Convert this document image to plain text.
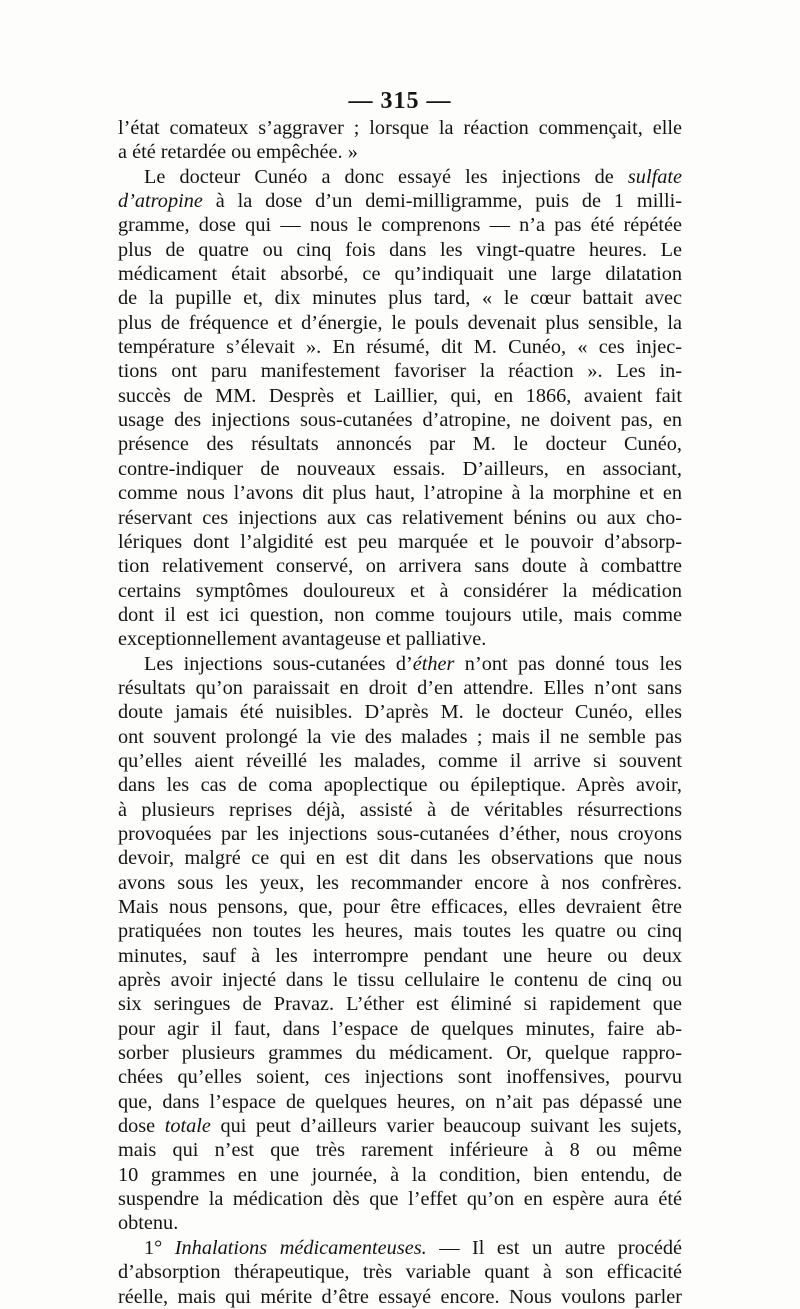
— 315 —
l’état comateux s’aggraver ; lorsque la réaction commençait, elle
a été retardée ou empêchée. »
Le docteur Cunéo a donc essayé les injections de sulfate
d’atropine à la dose d’un demi-milligramme, puis de 1 milli-
gramme, dose qui — nous le comprenons — n’a pas été répétée
plus de quatre ou cinq fois dans les vingt-quatre heures. Le
médicament était absorbé, ce qu’indiquait une large dilatation
de la pupille et, dix minutes plus tard, « le cœur battait avec
plus de fréquence et d’énergie, le pouls devenait plus sensible, la
température s’élevait ». En résumé, dit M. Cunéo, « ces injec-
tions ont paru manifestement favoriser la réaction ». Les in-
succès de MM. Desprès et Laillier, qui, en 1866, avaient fait
usage des injections sous-cutanées d’atropine, ne doivent pas, en
présence des résultats annoncés par M. le docteur Cunéo,
contre-indiquer de nouveaux essais. D’ailleurs, en associant,
comme nous l’avons dit plus haut, l’atropine à la morphine et en
réservant ces injections aux cas relativement bénins ou aux cho-
lériques dont l’algidité est peu marquée et le pouvoir d’absorp-
tion relativement conservé, on arrivera sans doute à combattre
certains symptômes douloureux et à considérer la médication
dont il est ici question, non comme toujours utile, mais comme
exceptionnellement avantageuse et palliative.
Les injections sous-cutanées d’éther n’ont pas donné tous les
résultats qu’on paraissait en droit d’en attendre. Elles n’ont sans
doute jamais été nuisibles. D’après M. le docteur Cunéo, elles
ont souvent prolongé la vie des malades ; mais il ne semble pas
qu’elles aient réveillé les malades, comme il arrive si souvent
dans les cas de coma apoplectique ou épileptique. Après avoir,
à plusieurs reprises déjà, assisté à de véritables résurrections
provoquées par les injections sous-cutanées d’éther, nous croyons
devoir, malgré ce qui en est dit dans les observations que nous
avons sous les yeux, les recommander encore à nos confrères.
Mais nous pensons, que, pour être efficaces, elles devraient être
pratiquées non toutes les heures, mais toutes les quatre ou cinq
minutes, sauf à les interrompre pendant une heure ou deux
après avoir injecté dans le tissu cellulaire le contenu de cinq ou
six seringues de Pravaz. L’éther est éliminé si rapidement que
pour agir il faut, dans l’espace de quelques minutes, faire ab-
sorber plusieurs grammes du médicament. Or, quelque rappro-
chées qu’elles soient, ces injections sont inoffensives, pourvu
que, dans l’espace de quelques heures, on n’ait pas dépassé une
dose totale qui peut d’ailleurs varier beaucoup suivant les sujets,
mais qui n’est que très rarement inférieure à 8 ou même
10 grammes en une journée, à la condition, bien entendu, de
suspendre la médication dès que l’effet qu’on en espère aura été
obtenu.
1° Inhalations médicamenteuses. — Il est un autre procédé
d’absorption thérapeutique, très variable quant à son efficacité
réelle, mais qui mérite d’être essayé encore. Nous voulons parler
